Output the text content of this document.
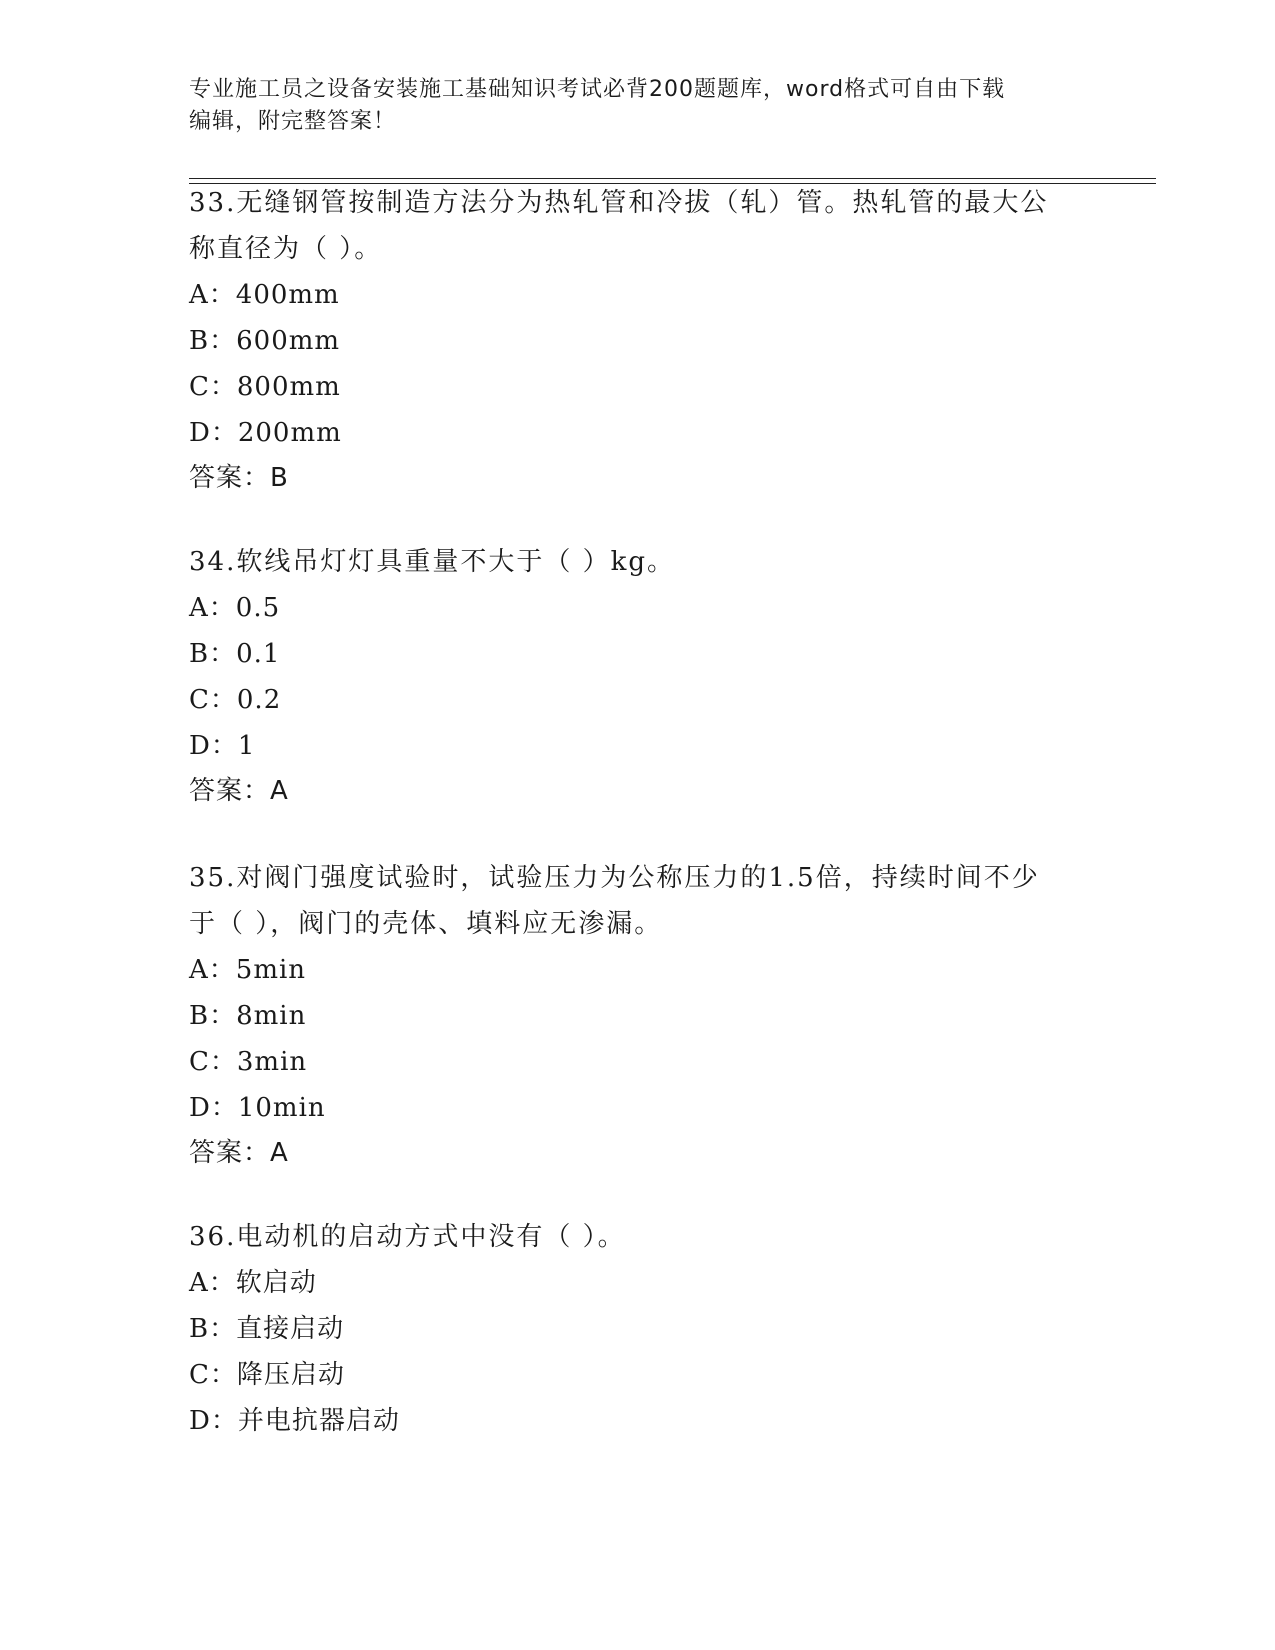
专业施工员之设备安装施工基础知识考试必背200题题库，word格式可自由下载
编辑，附完整答案！
33.无缝钢管按制造方法分为热轧管和冷拔（轧）管。热轧管的最大公
称直径为（ ）。
A：400mm
B：600mm
C：800mm
D：200mm
答案：B
34.软线吊灯灯具重量不大于（ ）kg。
A：0.5
B：0.1
C：0.2
D：1
答案：A
35.对阀门强度试验时，试验压力为公称压力的1.5倍，持续时间不少
于（ ），阀门的壳体、填料应无渗漏。
A：5min
B：8min
C：3min
D：10min
答案：A
36.电动机的启动方式中没有（ ）。
A：软启动
B：直接启动
C：降压启动
D：并电抗器启动
